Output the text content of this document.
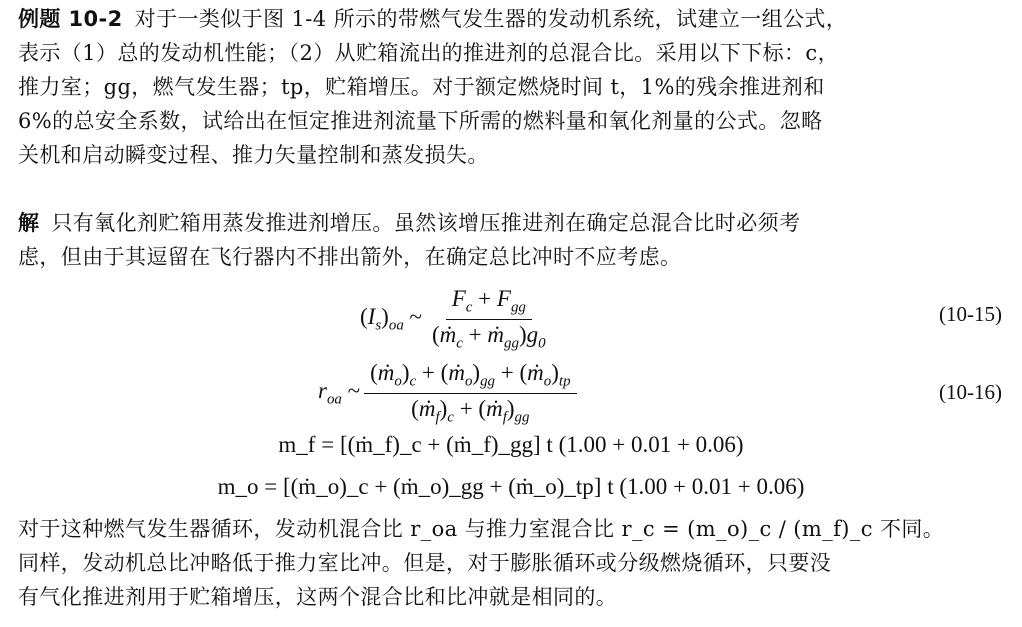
例题 10-2 对于一类似于图 1-4 所示的带燃气发生器的发动机系统，试建立一组公式，
表示（1）总的发动机性能；（2）从贮箱流出的推进剂的总混合比。采用以下下标：c，
推力室；gg，燃气发生器；tp，贮箱增压。对于额定燃烧时间 t，1%的残余推进剂和
6%的总安全系数，试给出在恒定推进剂流量下所需的燃料量和氧化剂量的公式。忽略
关机和启动瞬变过程、推力矢量控制和蒸发损失。
解 只有氧化剂贮箱用蒸发推进剂增压。虽然该增压推进剂在确定总混合比时必须考
虑，但由于其逗留在飞行器内不排出箭外，在确定总比冲时不应考虑。
$(I_s)_{oa}$ ~ $\frac{F_c + F_{gg}}{(ṁ_c + ṁ_{gg})g_0}$	(10-15)
$r_{oa}$ ~ $\frac{(ṁ_o)_c + (ṁ_o)_{gg} + (ṁ_o)_{tp}}{(ṁ_f)_c + (ṁ_f)_{gg}}$	(10-16)
m_f = [(ṁ_f)_c + (ṁ_f)_gg] t (1.00 + 0.01 + 0.06)
m_o = [(ṁ_o)_c + (ṁ_o)_gg + (ṁ_o)_tp] t (1.00 + 0.01 + 0.06)
对于这种燃气发生器循环，发动机混合比 r_oa 与推力室混合比 r_c = (m_o)_c / (m_f)_c 不同。
同样，发动机总比冲略低于推力室比冲。但是，对于膨胀循环或分级燃烧循环，只要没
有气化推进剂用于贮箱增压，这两个混合比和比冲就是相同的。
